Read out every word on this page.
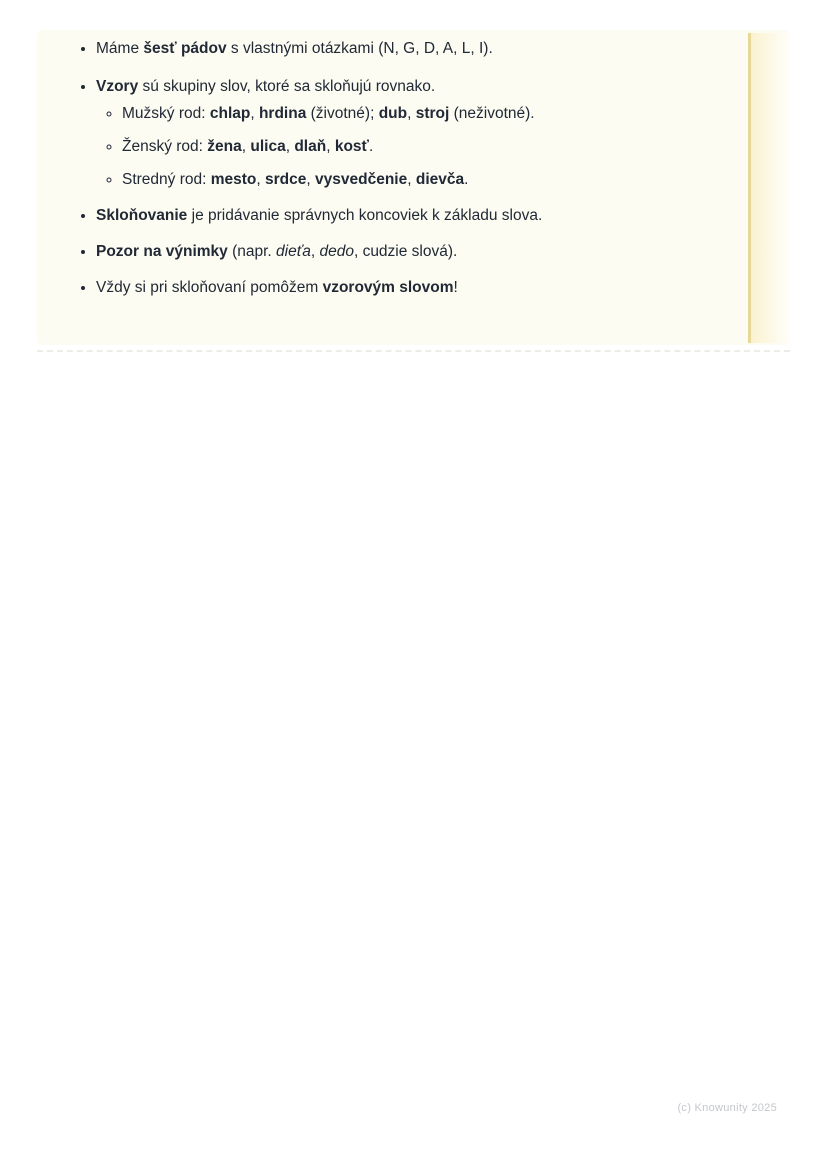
• Máme šesť pádov s vlastnými otázkami (N, G, D, A, L, I).
• Vzory sú skupiny slov, ktoré sa skloňujú rovnako.
◦ Mužský rod: chlap, hrdina (životné); dub, stroj (neživotné).
◦ Ženský rod: žena, ulica, dlaň, kosť.
◦ Stredný rod: mesto, srdce, vysvedčenie, dievča.
• Skloňovanie je pridávanie správnych koncoviek k základu slova.
• Pozor na výnimky (napr. dieťa, dedo, cudzie slová).
• Vždy si pri skloňovaní pomôžem vzorovým slovom!
(c) Knowunity 2025
